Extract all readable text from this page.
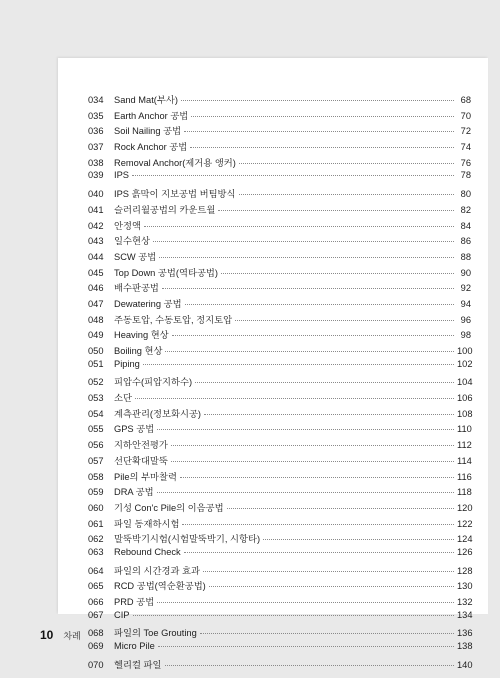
034	Sand Mat(부사)	68
035	Earth Anchor 공법	70
036	Soil Nailing 공법	72
037	Rock Anchor 공법	74
038	Removal Anchor(제거용 앵커)	76
039	IPS	78
040	IPS 흙막이 지보공법 버팀방식	80
041	슬러리월공법의 카운트월	82
042	안정액	84
043	일수현상	86
044	SCW 공법	88
045	Top Down 공법(역타공법)	90
046	배수판공법	92
047	Dewatering 공법	94
048	주동토압, 수동토압, 정지토압	96
049	Heaving 현상	98
050	Boiling 현상	100
051	Piping	102
052	피압수(피압지하수)	104
053	소단	106
054	계측관리(정보화시공)	108
055	GPS 공법	110
056	지하안전평가	112
057	선단확대말뚝	114
058	Pile의 부마찰력	116
059	DRA 공법	118
060	기성 Con'c Pile의 이음공법	120
061	파일 동재하시험	122
062	말뚝박기시험(시험말뚝박기, 시항타)	124
063	Rebound Check	126
064	파일의 시간경과 효과	128
065	RCD 공법(역순환공법)	130
066	PRD 공법	132
067	CIP	134
068	파일의 Toe Grouting	136
069	Micro Pile	138
070	헬리컬 파일	140
10 차례
